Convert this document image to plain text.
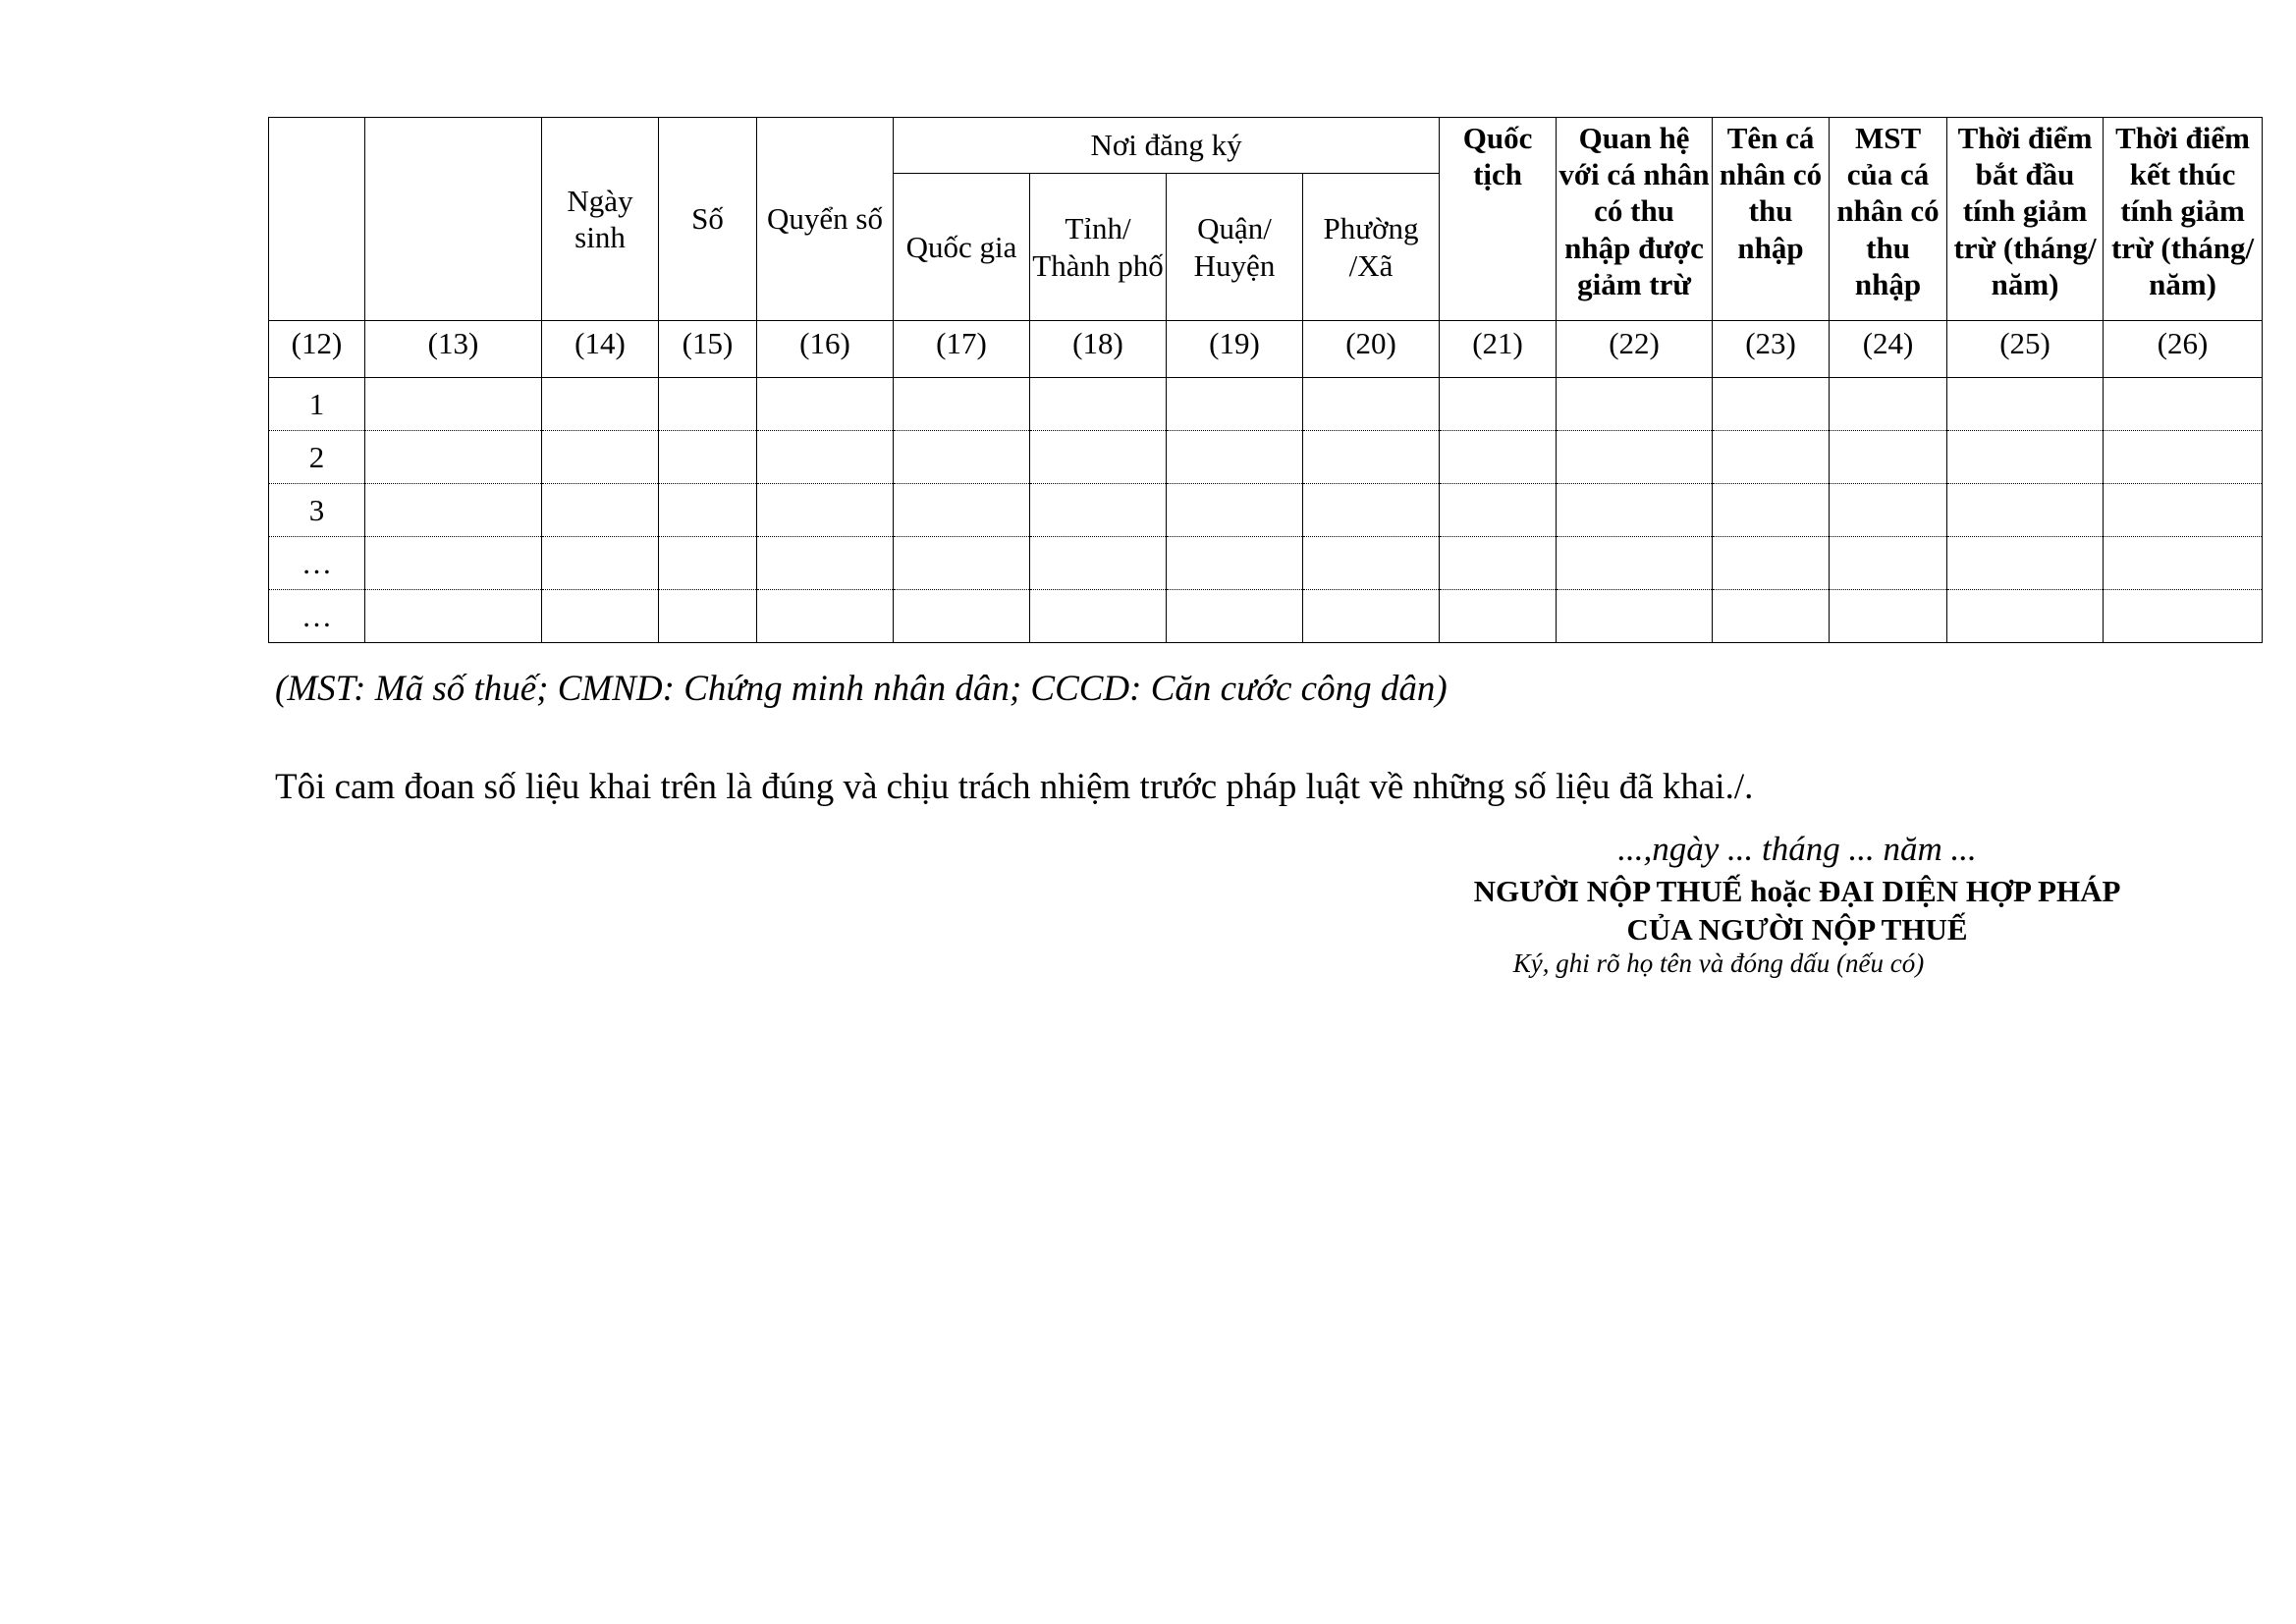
		Ngày sinh	Số	Quyển số	Nơi đăng ký				Quốc tịch	Quan hệ với cá nhân có thu nhập được giảm trừ	Tên cá nhân có thu nhập	MST của cá nhân có thu nhập	Thời điểm bắt đầu tính giảm trừ (tháng/ năm)	Thời điểm kết thúc tính giảm trừ (tháng/ năm)

					Quốc gia	Tỉnh/ Thành phố	Quận/ Huyện	Phường /Xã						
(12)	(13)	(14)	(15)	(16)	(17)	(18)	(19)	(20)	(21)	(22)	(23)	(24)	(25)	(26)
1														
2														
3														
…														
…														
(MST: Mã số thuế; CMND: Chứng minh nhân dân; CCCD: Căn cước công dân)
Tôi cam đoan số liệu khai trên là đúng và chịu trách nhiệm trước pháp luật về những số liệu đã khai./.
...,ngày ... tháng ... năm ...
NGƯỜI NỘP THUẾ hoặc ĐẠI DIỆN HỢP PHÁP
CỦA NGƯỜI NỘP THUẾ
Ký, ghi rõ họ tên và đóng dấu (nếu có)
